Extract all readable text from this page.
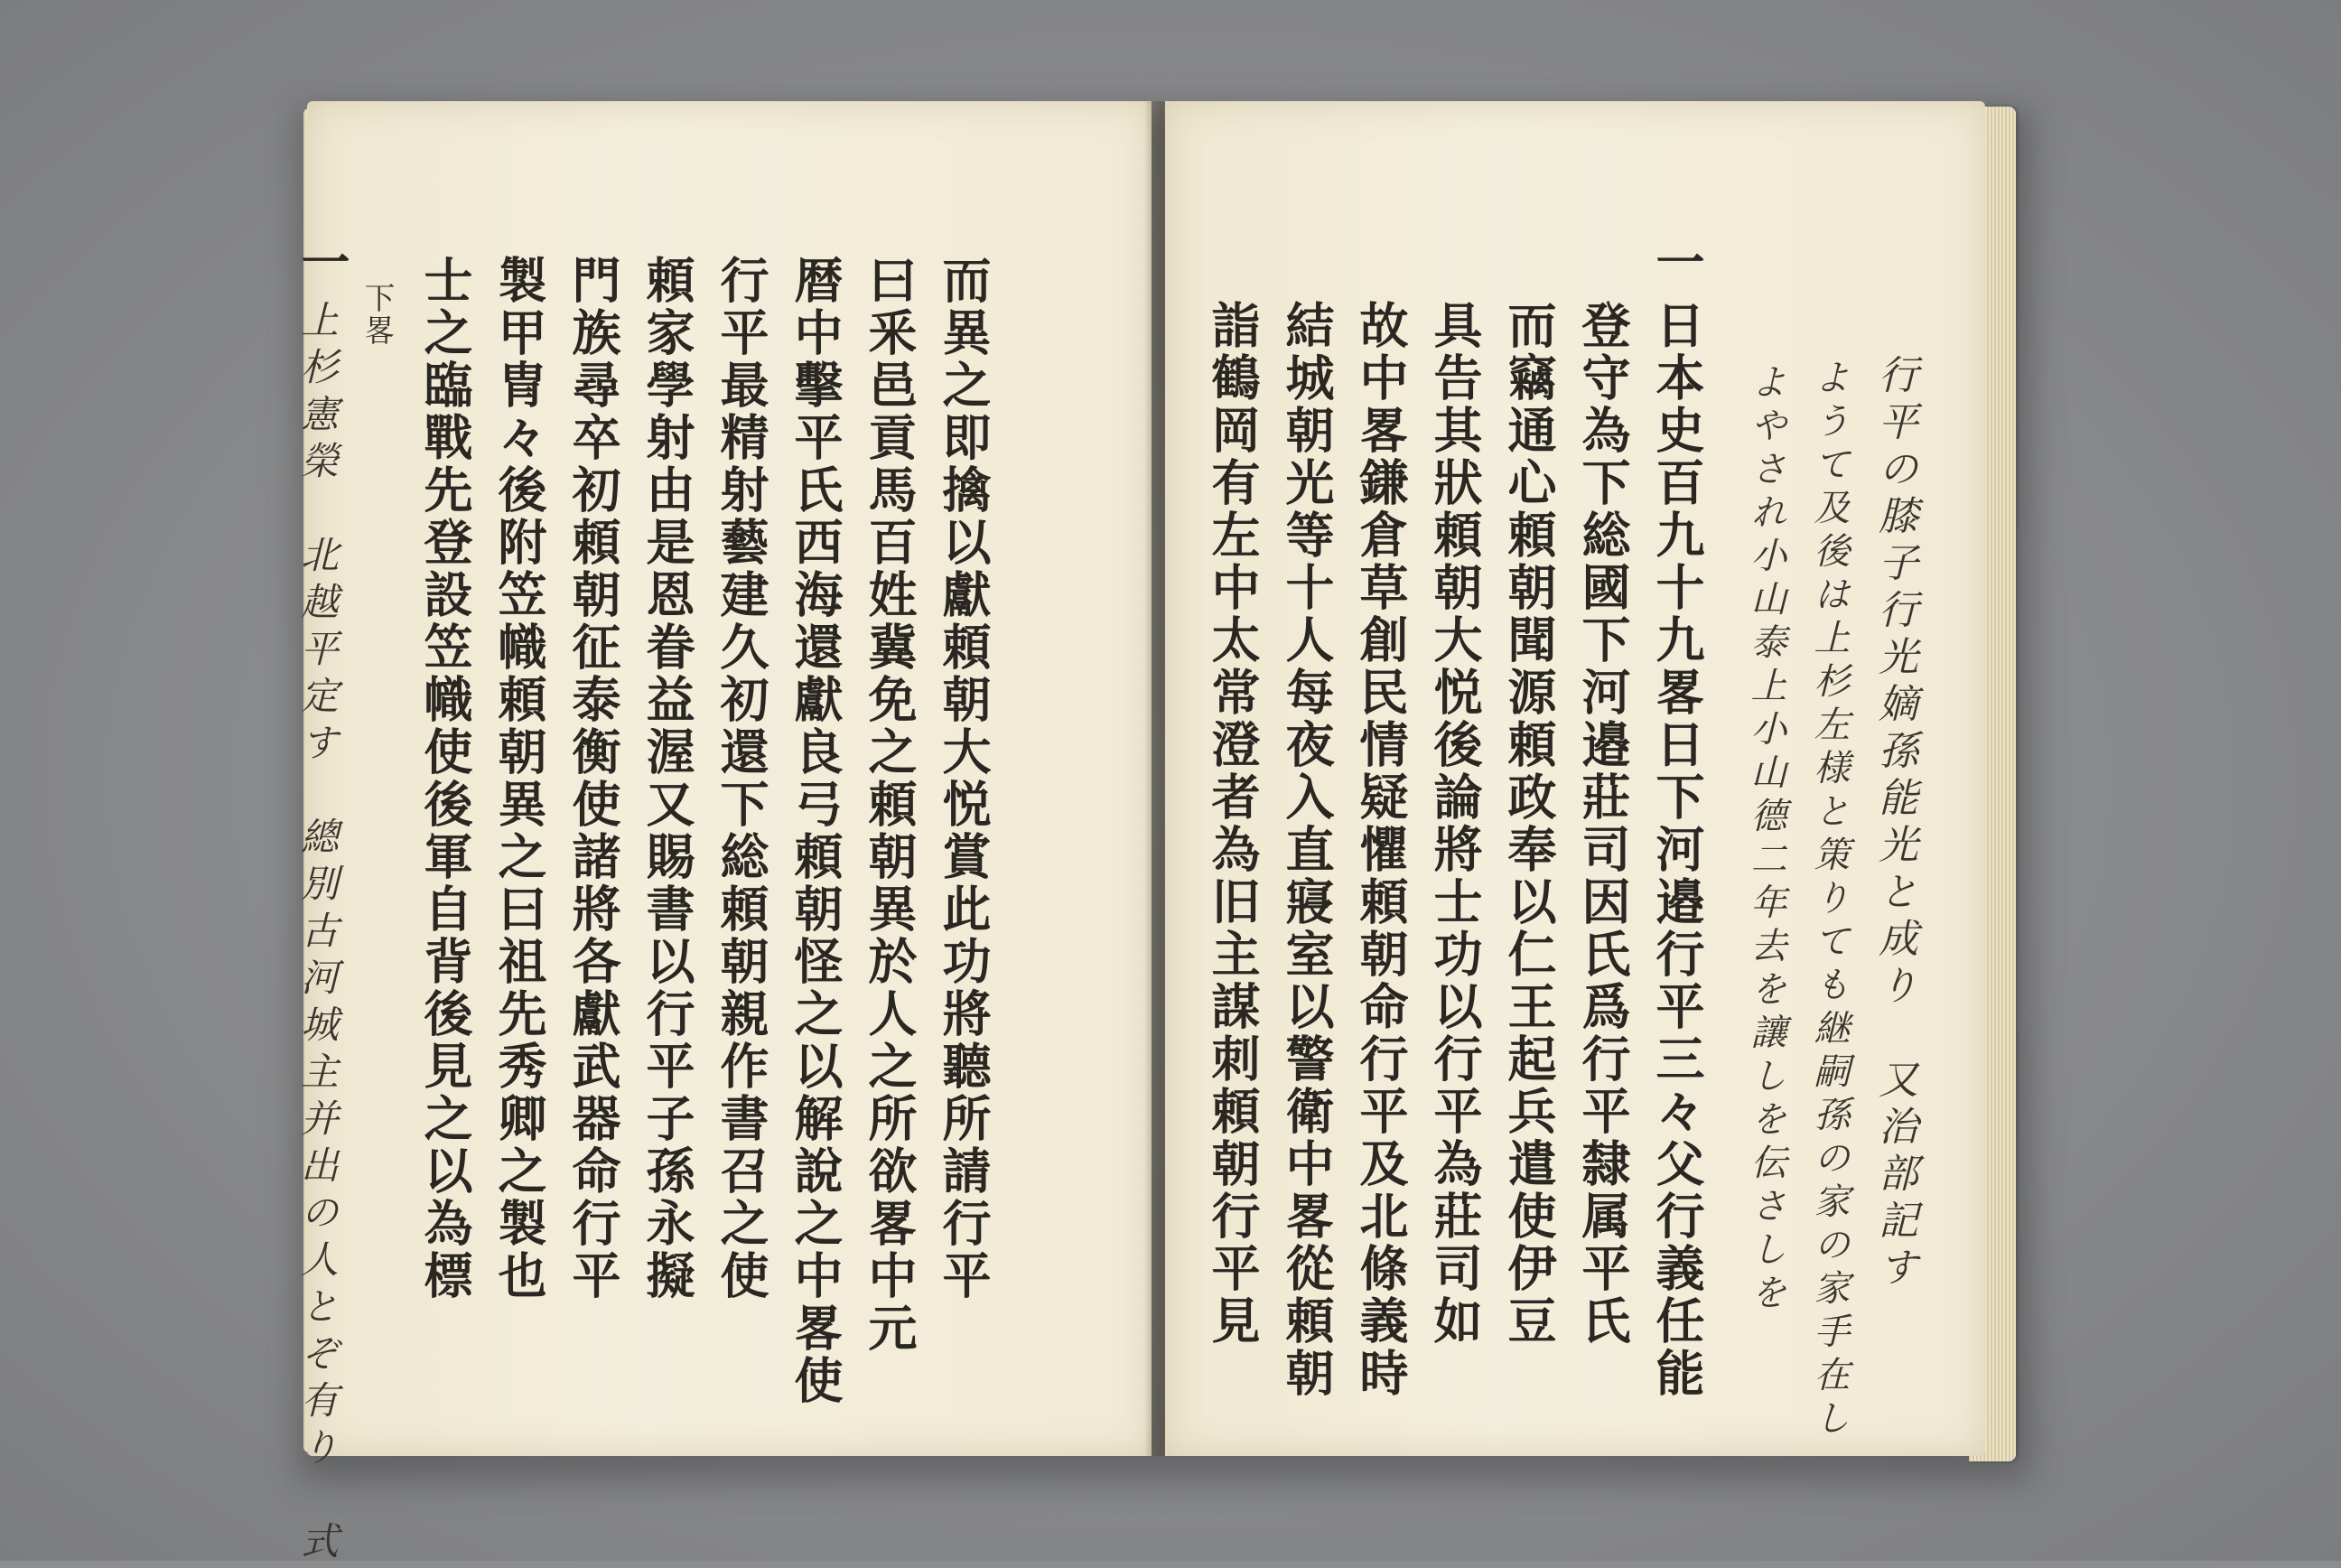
而異之即擒以獻頼朝大悦賞此功將聽所請行平
曰釆邑貢馬百姓冀免之頼朝異於人之所欲畧中元
暦中擊平氏西海還獻良弓頼朝怪之以解說之中畧使
行平最精射藝建久初還下総頼朝親作書召之使
頼家學射由是恩眷益渥又賜書以行平子孫永擬
門族尋卒初頼朝征泰衡使諸將各獻武器命行平
製甲冑々後附笠幟頼朝異之曰祖先秀卿之製也
士之臨戰先登設笠幟使後軍自背後見之以為標
下畧
一
上杉憲榮　北越平定す　總別古河城主并出の人とぞ有り　式	行平の膝子行光嫡孫能光と成り　又治部記す
ようて及後は上杉左様と策りても継嗣孫の家の家手在し
よやされ小山泰上小山德二年去を讓しを伝さしを
一
日本史百九十九畧日下河邉行平三々父行義任能
登守為下総國下河邉莊司因氏爲行平隸属平氏
而竊通心頼朝聞源頼政奉以仁王起兵遣使伊豆
具告其狀頼朝大悦後論將士功以行平為莊司如
故中畧鎌倉草創民情疑懼頼朝命行平及北條義時
結城朝光等十人每夜入直寢室以警衛中畧從頼朝
詣鶴岡有左中太常澄者為旧主謀刺頼朝行平見
